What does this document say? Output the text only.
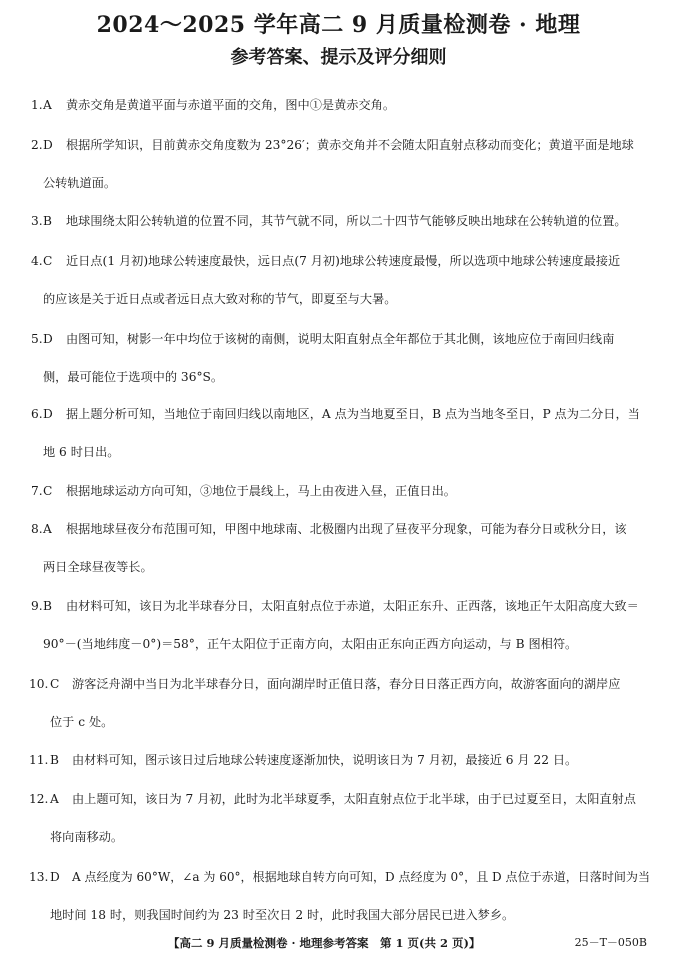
2024～2025 学年高二 9 月质量检测卷 · 地理
参考答案、提示及评分细则
1. A 黄赤交角是黄道平面与赤道平面的交角，图中①是黄赤交角。
2. D 根据所学知识，目前黄赤交角度数为 23°26′；黄赤交角并不会随太阳直射点移动而变化；黄道平面是地球
公转轨道面。
3. B 地球围绕太阳公转轨道的位置不同，其节气就不同，所以二十四节气能够反映出地球在公转轨道的位置。
4. C 近日点(1 月初)地球公转速度最快，远日点(7 月初)地球公转速度最慢，所以选项中地球公转速度最接近
的应该是关于近日点或者远日点大致对称的节气，即夏至与大暑。
5. D 由图可知，树影一年中均位于该树的南侧，说明太阳直射点全年都位于其北侧，该地应位于南回归线南
侧，最可能位于选项中的 36°S。
6. D 据上题分析可知，当地位于南回归线以南地区，A 点为当地夏至日，B 点为当地冬至日，P 点为二分日，当
地 6 时日出。
7. C 根据地球运动方向可知，③地位于晨线上，马上由夜进入昼，正值日出。
8. A 根据地球昼夜分布范围可知，甲图中地球南、北极圈内出现了昼夜平分现象，可能为春分日或秋分日，该
两日全球昼夜等长。
9. B 由材料可知，该日为北半球春分日，太阳直射点位于赤道，太阳正东升、正西落，该地正午太阳高度大致＝
90°－(当地纬度－0°)＝58°，正午太阳位于正南方向，太阳由正东向正西方向运动，与 B 图相符。
10. C 游客泛舟湖中当日为北半球春分日，面向湖岸时正值日落，春分日日落正西方向，故游客面向的湖岸应
位于 c 处。
11. B 由材料可知，图示该日过后地球公转速度逐渐加快，说明该日为 7 月初，最接近 6 月 22 日。
12. A 由上题可知，该日为 7 月初，此时为北半球夏季，太阳直射点位于北半球，由于已过夏至日，太阳直射点
将向南移动。
13. D A 点经度为 60°W，∠a 为 60°，根据地球自转方向可知，D 点经度为 0°，且 D 点位于赤道，日落时间为当
地时间 18 时，则我国时间约为 23 时至次日 2 时，此时我国大部分居民已进入梦乡。
【高二 9 月质量检测卷 · 地理参考答案　第 1 页(共 2 页)】	25－T－050B
